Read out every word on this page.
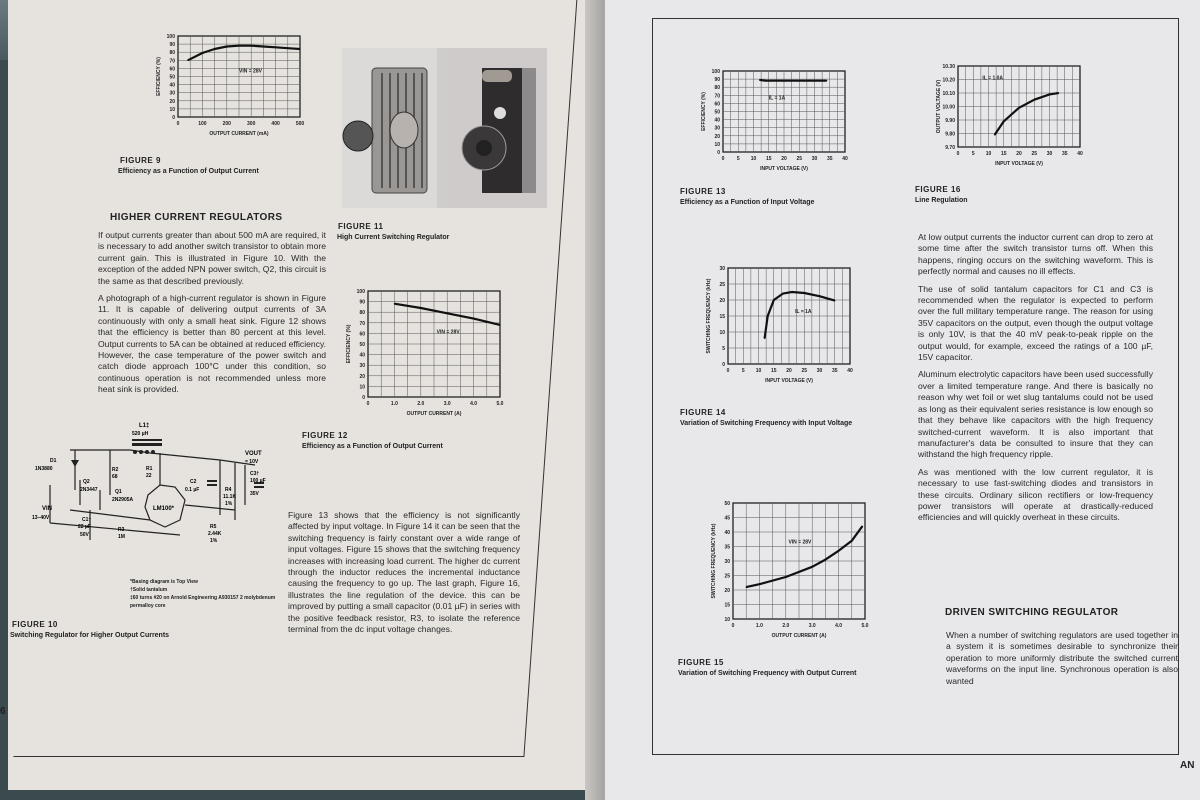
0	100	200	300	400	500
0
10
20
30
40
50
60
70
80
90
100
OUTPUT CURRENT (mA)
EFFICIENCY (%)	VIN = 28V
FIGURE 9
Efficiency as a Function of Output Current
HIGHER CURRENT REGULATORS

If output currents greater than about 500 mA are required, it is necessary to add another switch transistor to obtain more current gain. This is illustrated in Figure 10. With the exception of the added NPN power switch, Q2, this circuit is the same as that described previously.

A photograph of a high-current regulator is shown in Figure 11. It is capable of delivering output currents of 3A continuously with only a small heat sink. Figure 12 shows that the efficiency is better than 80 percent at this level. Output currents to 5A can be obtained at reduced efficiency. However, the case temperature of the power switch and catch diode approach 100°C under this condition, so continuous operation is not recommended unless more heat sink is provided.

FIGURE 11
High Current Switching Regulator
0	1.0	2.0	3.0	4.0	5.0
0
10
20
30
40
50
60
70
80
90
100
OUTPUT CURRENT (A)
EFFICIENCY (%)	VIN = 28V
FIGURE 12
Efficiency as a Function of Output Current
L1‡
520 µH
D1
1N3880
Q2
2N3447
R2
68
Q1
2N2905A
R1
22
C2
0.1 µF	R4
11.1K
1%
C3†
100 µF
35V
VOUT
= 10V
VIN
13–40V	C1†
22 µF
50V
R3
1M
LM100*
R5
2.44K
1%
*Basing diagram is Top View
†Solid tantalum
‡60 turns #20 on Arnold Engineering A930157 2 molybdenum permalloy core
FIGURE 10
Switching Regulator for Higher Output Currents
Figure 13 shows that the efficiency is not significantly affected by input voltage. In Figure 14 it can be seen that the switching frequency is fairly constant over a wide range of input voltages. Figure 15 shows that the switching frequency increases with increasing load current. The higher dc current through the inductor reduces the incremental inductance causing the frequency to go up. The last graph, Figure 16, illustrates the line regulation of the device. this can be improved by putting a small capacitor (0.01 µF) in series with the positive feedback resistor, R3, to isolate the reference terminal from the dc input voltage changes.
6
0 5 10 15 20 25 30 35 40
0
10
20
30
40
50
60
70
80
90
100
INPUT VOLTAGE (V)
EFFICIENCY (%)	IL = 1A
FIGURE 13
Efficiency as a Function of Input Voltage
0 5 10 15 20 25 30 35 40
9.70
9.80
9.90
10.00
10.10
10.20
10.30
INPUT VOLTAGE (V)
OUTPUT VOLTAGE (V)
IL = 1.0A
FIGURE 16
Line Regulation
0 5 10 15 20 25 30 35 40
0
5
10
15
20
25
30
INPUT VOLTAGE (V)
SWITCHING FREQUENCY (kHz)	IL = 1A
FIGURE 14
Variation of Switching Frequency with Input Voltage
0	1.0	2.0	3.0	4.0	5.0
10
15
20
25
30
35
40
45
50
OUTPUT CURRENT (A)
SWITCHING FREQUENCY (kHz)	VIN = 28V
FIGURE 15
Variation of Switching Frequency with Output Current

At low output currents the inductor current can drop to zero at some time after the switch transistor turns off. When this happens, ringing occurs on the switching waveform. This is perfectly normal and causes no ill effects.

The use of solid tantalum capacitors for C1 and C3 is recommended when the regulator is expected to perform over the full military temperature range. The reason for using 35V capacitors on the output, even though the output voltage is only 10V, is that the 40 mV peak-to-peak ripple on the output would, for example, exceed the ratings of a 100 µF, 15V capacitor.

Aluminum electrolytic capacitors have been used successfully over a limited temperature range. And there is basically no reason why wet foil or wet slug tantalums could not be used as long as their equivalent series resistance is low enough so that they behave like capacitors with the high frequency switched-current waveform. It is also important that manufacturer's data be consulted to insure that they can withstand the high frequency ripple.

As was mentioned with the low current regulator, it is necessary to use fast-switching diodes and transistors in these circuits. Ordinary silicon rectifiers or low-frequency power transistors will operate at drastically-reduced efficiencies and will quickly overheat in these circuits.

DRIVEN SWITCHING REGULATOR
When a number of switching regulators are used together in a system it is sometimes desirable to synchronize their operation to more uniformly distribute the switched current waveforms on the input line. Synchronous operation is also wanted
AN
